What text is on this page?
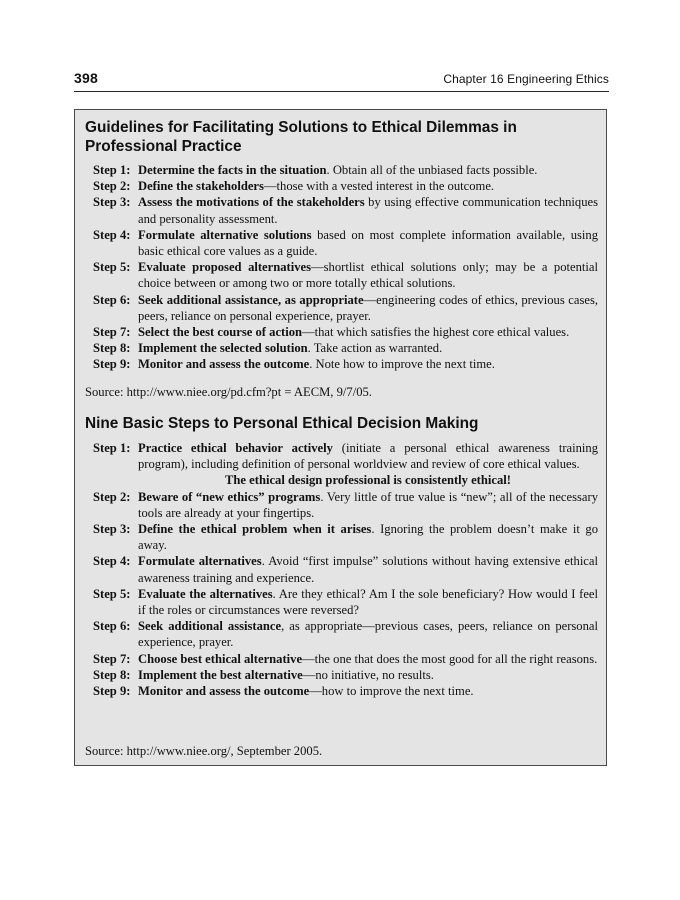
398	Chapter 16 Engineering Ethics
Guidelines for Facilitating Solutions to Ethical Dilemmas in Professional Practice
Step 1: Determine the facts in the situation. Obtain all of the unbiased facts possible.
Step 2: Define the stakeholders—those with a vested interest in the outcome.
Step 3: Assess the motivations of the stakeholders by using effective communication techniques and personality assessment.
Step 4: Formulate alternative solutions based on most complete information available, using basic ethical core values as a guide.
Step 5: Evaluate proposed alternatives—shortlist ethical solutions only; may be a potential choice between or among two or more totally ethical solutions.
Step 6: Seek additional assistance, as appropriate—engineering codes of ethics, previous cases, peers, reliance on personal experience, prayer.
Step 7: Select the best course of action—that which satisfies the highest core ethical values.
Step 8: Implement the selected solution. Take action as warranted.
Step 9: Monitor and assess the outcome. Note how to improve the next time.
Source: http://www.niee.org/pd.cfm?pt = AECM, 9/7/05.
Nine Basic Steps to Personal Ethical Decision Making
Step 1: Practice ethical behavior actively (initiate a personal ethical awareness training program), including definition of personal worldview and review of core ethical values.
The ethical design professional is consistently ethical!
Step 2: Beware of “new ethics” programs. Very little of true value is “new”; all of the necessary tools are already at your fingertips.
Step 3: Define the ethical problem when it arises. Ignoring the problem doesn’t make it go away.
Step 4: Formulate alternatives. Avoid “first impulse” solutions without having extensive ethical awareness training and experience.
Step 5: Evaluate the alternatives. Are they ethical? Am I the sole beneficiary? How would I feel if the roles or circumstances were reversed?
Step 6: Seek additional assistance, as appropriate—previous cases, peers, reliance on personal experience, prayer.
Step 7: Choose best ethical alternative—the one that does the most good for all the right reasons.
Step 8: Implement the best alternative—no initiative, no results.
Step 9: Monitor and assess the outcome—how to improve the next time.
Source: http://www.niee.org/, September 2005.
